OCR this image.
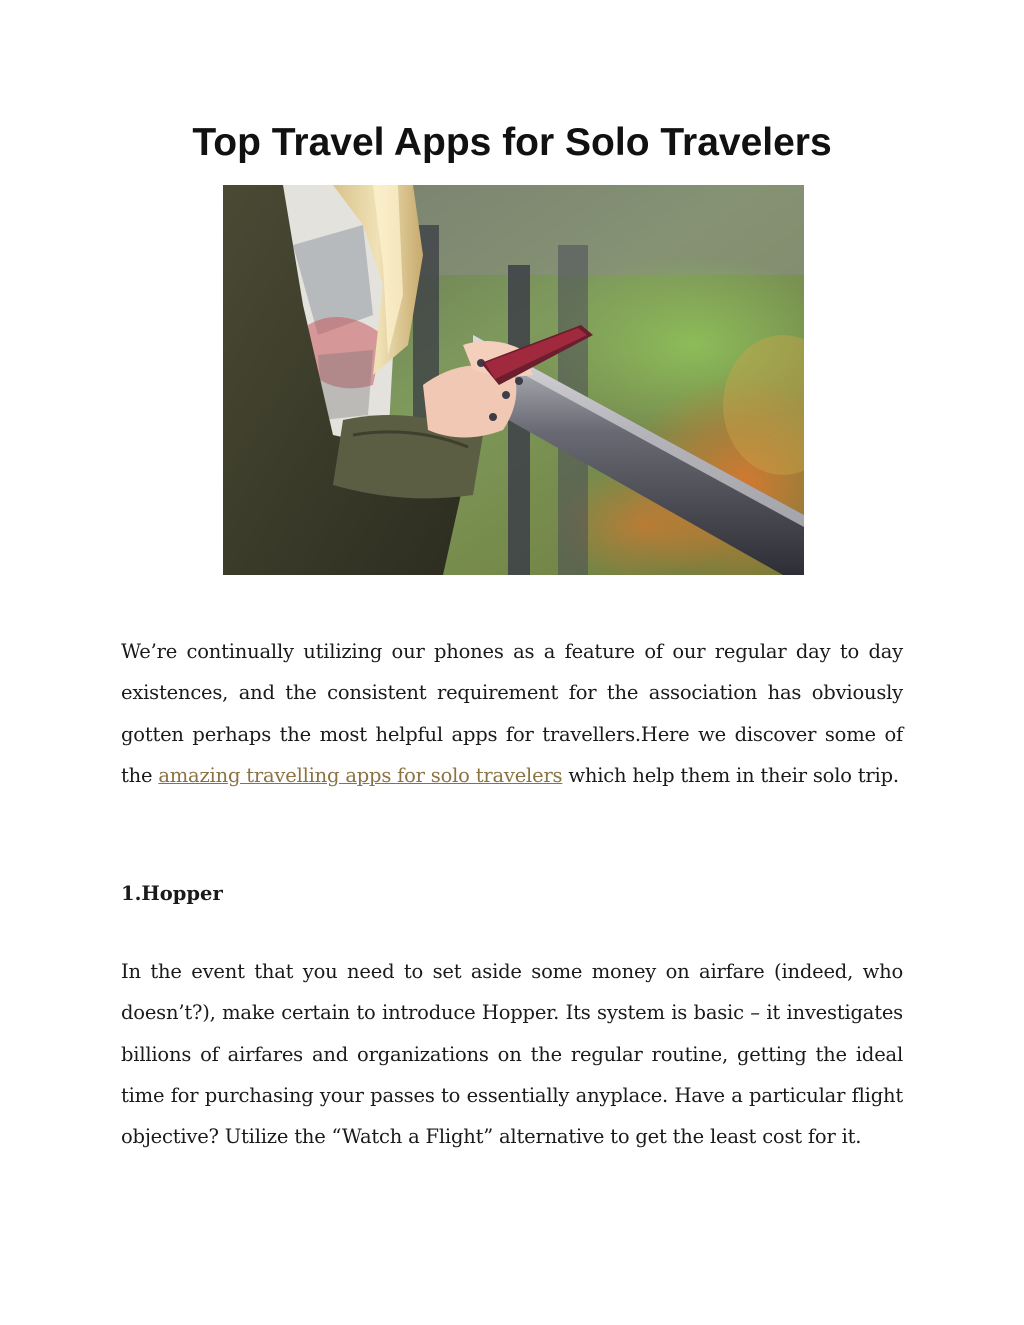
Top Travel Apps for Solo Travelers

We’re continually utilizing our phones as a feature of our regular day to day existences, and the consistent requirement for the association has obviously gotten perhaps the most helpful apps for travellers.Here we discover some of the amazing travelling apps for solo travelers which help them in their solo trip.

1.Hopper

In the event that you need to set aside some money on airfare (indeed, who doesn’t?), make certain to introduce Hopper. Its system is basic – it investigates billions of airfares and organizations on the regular routine, getting the ideal time for purchasing your passes to essentially anyplace. Have a particular flight objective? Utilize the “Watch a Flight” alternative to get the least cost for it.
